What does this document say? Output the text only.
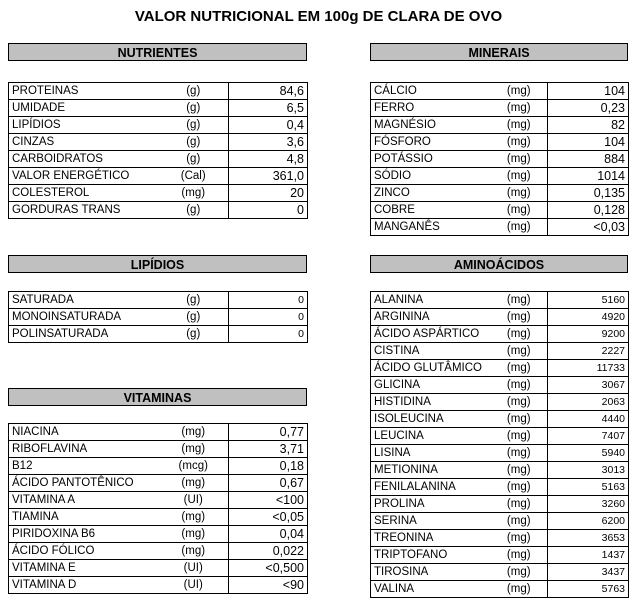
VALOR NUTRICIONAL EM 100g DE CLARA DE OVO
NUTRIENTES
PROTEINAS	(g)	84,6
UMIDADE	(g)	6,5
LIPÍDIOS	(g)	0,4
CINZAS	(g)	3,6
CARBOIDRATOS	(g)	4,8
VALOR ENERGÉTICO	(Cal)	361,0
COLESTEROL	(mg)	20
GORDURAS TRANS	(g)	0
LIPÍDIOS
SATURADA	(g)	0
MONOINSATURADA	(g)	0
POLINSATURADA	(g)	0
VITAMINAS
NIACINA	(mg)	0,77
RIBOFLAVINA	(mg)	3,71
B12	(mcg)	0,18
ÁCIDO PANTOTÊNICO	(mg)	0,67
VITAMINA A	(UI)	<100
TIAMINA	(mg)	<0,05
PIRIDOXINA B6	(mg)	0,04
ÁCIDO FÓLICO	(mg)	0,022
VITAMINA E	(UI)	<0,500
VITAMINA D	(UI)	<90
MINERAIS
CÁLCIO	(mg)	104
FERRO	(mg)	0,23
MAGNÉSIO	(mg)	82
FÓSFORO	(mg)	104
POTÁSSIO	(mg)	884
SÓDIO	(mg)	1014
ZINCO	(mg)	0,135
COBRE	(mg)	0,128
MANGANÊS	(mg)	<0,03
AMINOÁCIDOS
ALANINA	(mg)	5160
ARGININA	(mg)	4920
ÁCIDO ASPÁRTICO	(mg)	9200
CISTINA	(mg)	2227
ÁCIDO GLUTÂMICO	(mg)	11733
GLICINA	(mg)	3067
HISTIDINA	(mg)	2063
ISOLEUCINA	(mg)	4440
LEUCINA	(mg)	7407
LISINA	(mg)	5940
METIONINA	(mg)	3013
FENILALANINA	(mg)	5163
PROLINA	(mg)	3260
SERINA	(mg)	6200
TREONINA	(mg)	3653
TRIPTOFANO	(mg)	1437
TIROSINA	(mg)	3437
VALINA	(mg)	5763
